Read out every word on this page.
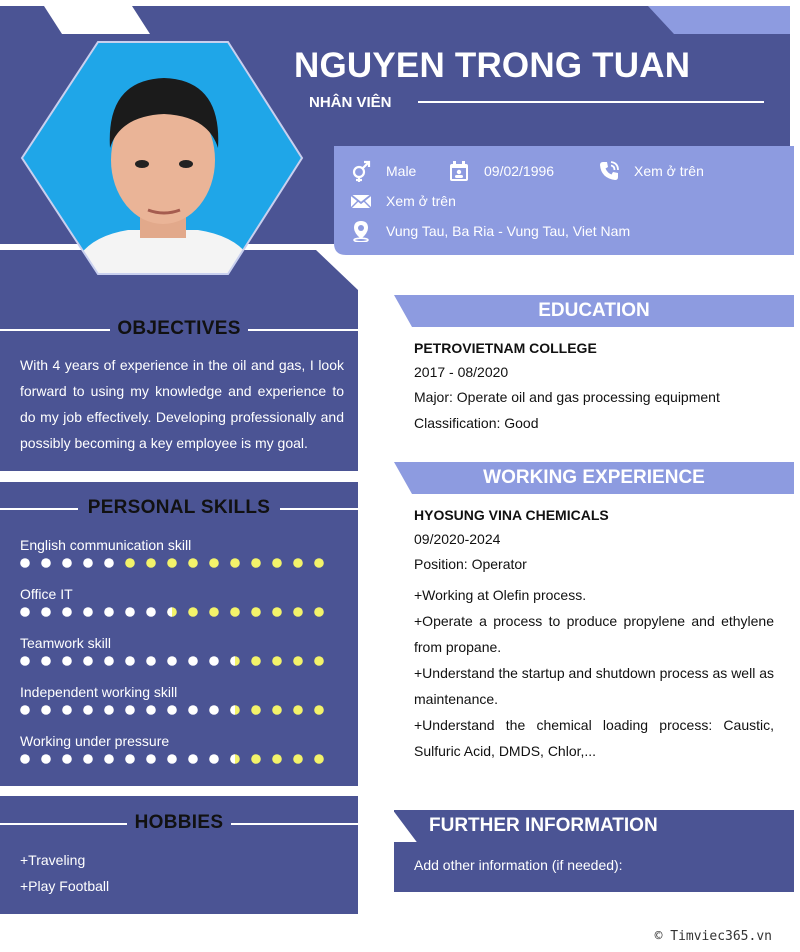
NGUYEN TRONG TUAN
NHÂN VIÊN
Male	09/02/1996	Xem ở trên
Xem ở trên
Vung Tau, Ba Ria - Vung Tau, Viet Nam
OBJECTIVES
With 4 years of experience in the oil and gas, I look forward to using my knowledge and experience to do my job effectively. Developing professionally and possibly becoming a key employee is my goal.
PERSONAL SKILLS
English communication skill
Office IT
Teamwork skill
Independent working skill
Working under pressure
HOBBIES
+Traveling
+Play Football
EDUCATION
PETROVIETNAM COLLEGE
2017 - 08/2020
Major: Operate oil and gas processing equipment
Classification: Good
WORKING EXPERIENCE
HYOSUNG VINA CHEMICALS
09/2020-2024
Position: Operator
+Working at Olefin process.
+Operate a process to produce propylene and ethylene from propane.
+Understand the startup and shutdown process as well as maintenance.
+Understand the chemical loading process: Caustic, Sulfuric Acid, DMDS, Chlor,...
FURTHER INFORMATION
Add other information (if needed):
© Timviec365.vn
